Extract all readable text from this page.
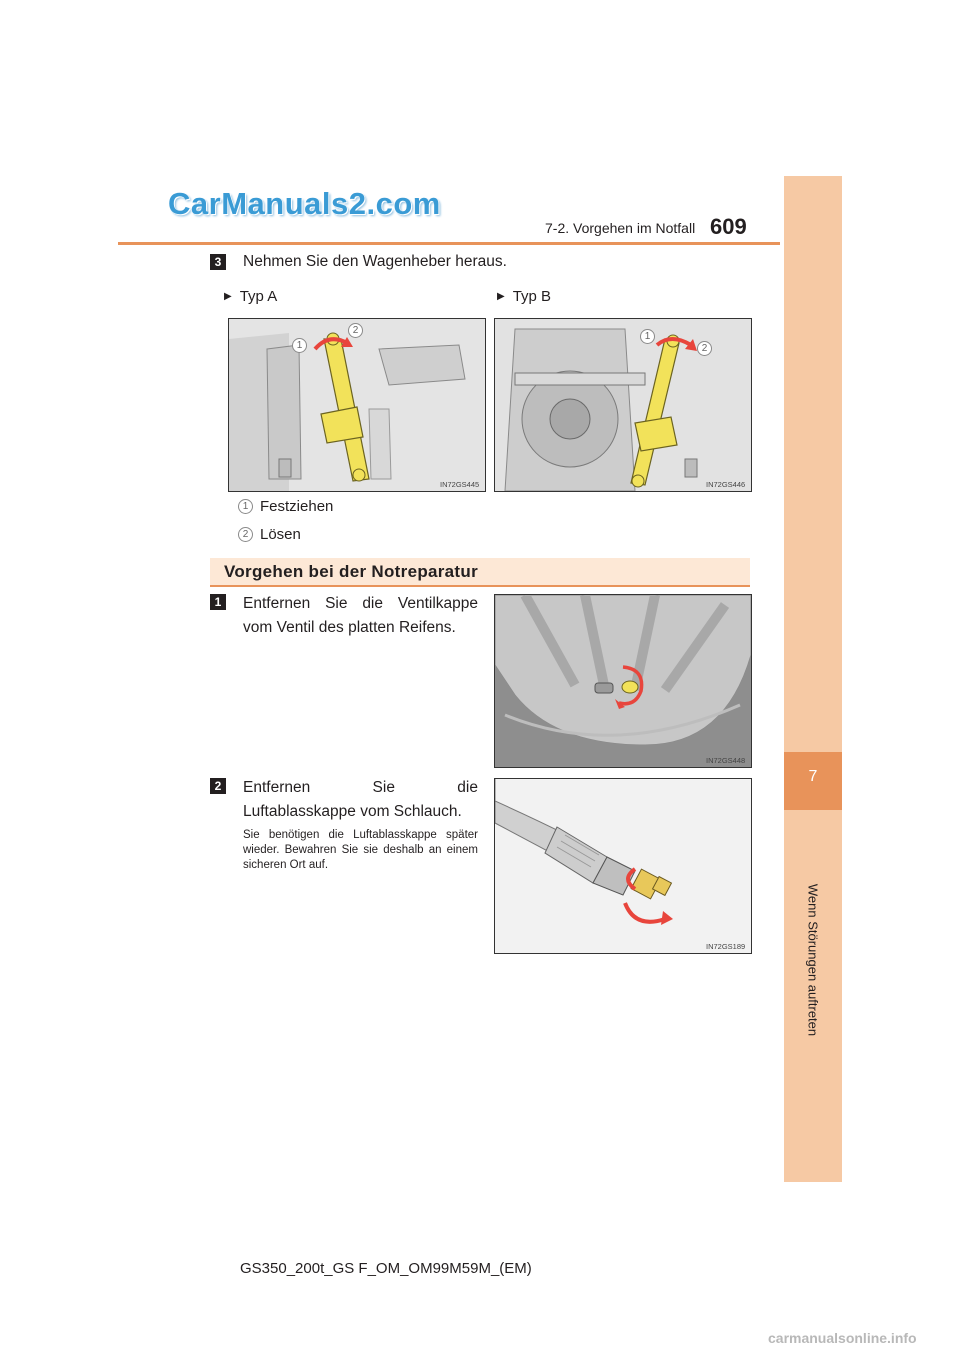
CarManuals2.com
7-2. Vorgehen im Notfall 609
7
Wenn Störungen auftreten
3	Nehmen Sie den Wagenheber heraus.
▶ Typ A	▶ Typ B
1
2
IN72GS445
1
2
IN72GS446
1 Festziehen
2 Lösen
Vorgehen bei der Notreparatur
1	Entfernen Sie die Ventilkappe vom Ventil des platten Reifens.
IN72GS448
2	Entfernen Sie die Luftablasskappe vom Schlauch.
Sie benötigen die Luftablasskappe später wieder. Bewahren Sie sie deshalb an einem sicheren Ort auf.
IN72GS189
GS350_200t_GS F_OM_OM99M59M_(EM)
carmanualsonline.info
